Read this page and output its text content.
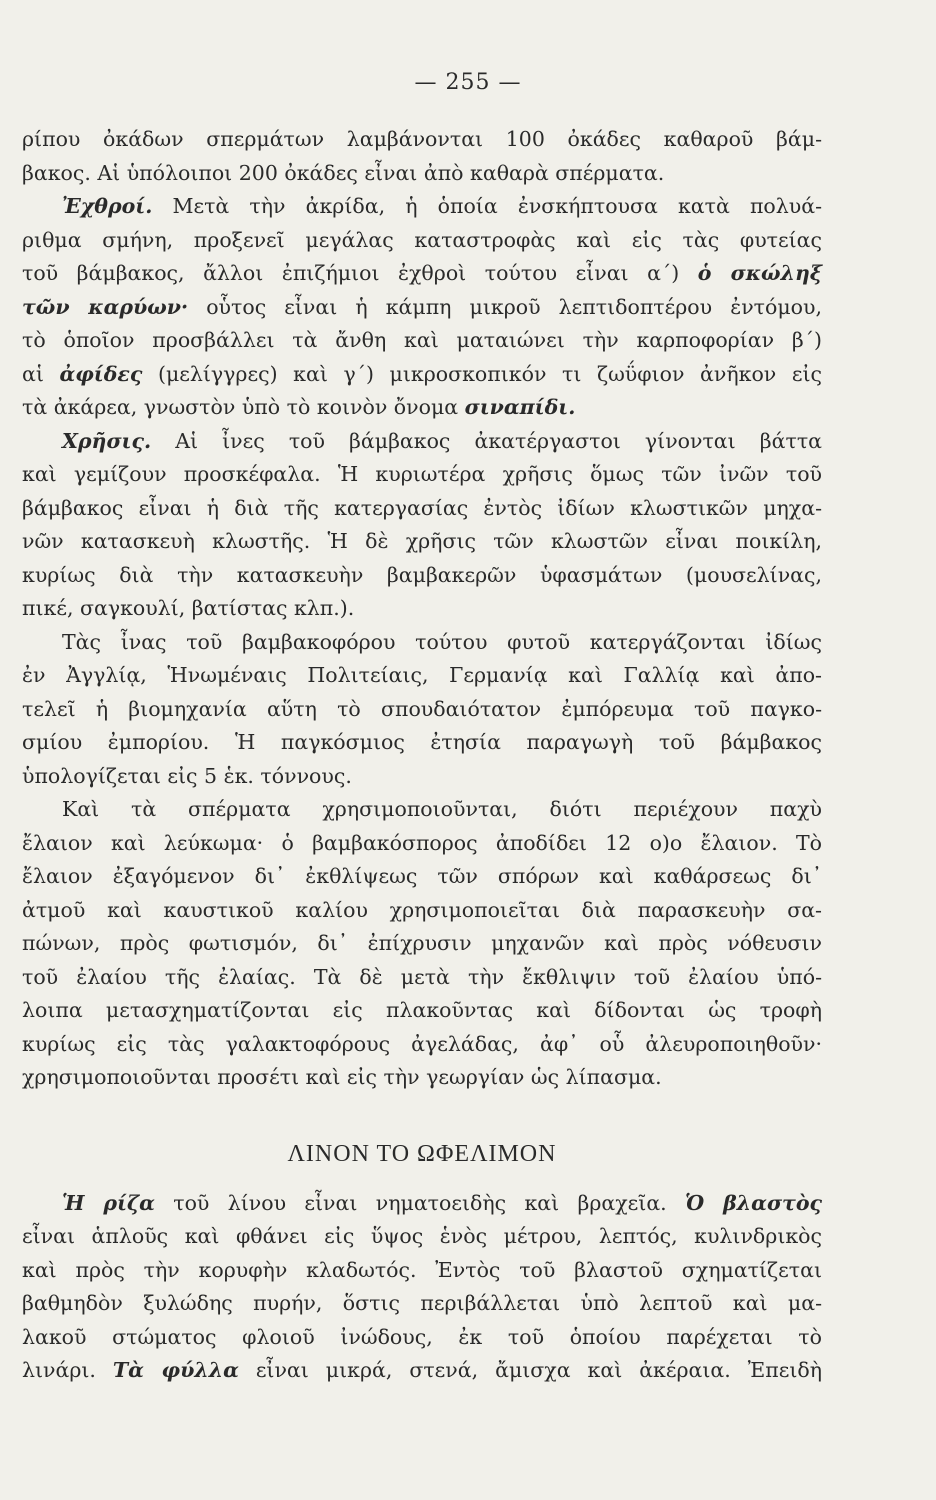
— 255 —
ρίπου ὀκάδων σπερμάτων λαμβάνονται 100 ὀκάδες καθαροῦ βάμ-
βακος. Αἱ ὑπόλοιποι 200 ὀκάδες εἶναι ἀπὸ καθαρὰ σπέρματα.
Ἐχθροί. Μετὰ τὴν ἀκρίδα, ἡ ὁποία ἐνσκήπτουσα κατὰ πολυά-
ριθμα σμήνη, προξενεῖ μεγάλας καταστροφὰς καὶ εἰς τὰς φυτείας
τοῦ βάμβακος, ἄλλοι ἐπιζήμιοι ἐχθροὶ τούτου εἶναι α΄) ὁ σκώληξ
τῶν καρύων· οὗτος εἶναι ἡ κάμπη μικροῦ λεπτιδοπτέρου ἐντόμου,
τὸ ὁποῖον προσβάλλει τὰ ἄνθη καὶ ματαιώνει τὴν καρποφορίαν β΄)
αἱ ἀφίδες (μελίγγρες) καὶ γ΄) μικροσκοπικόν τι ζωΰφιον ἀνῆκον εἰς
τὰ ἀκάρεα, γνωστὸν ὑπὸ τὸ κοινὸν ὄνομα σιναπίδι.
Χρῆσις. Αἱ ἶνες τοῦ βάμβακος ἀκατέργαστοι γίνονται βάττα
καὶ γεμίζουν προσκέφαλα. Ἡ κυριωτέρα χρῆσις ὅμως τῶν ἰνῶν τοῦ
βάμβακος εἶναι ἡ διὰ τῆς κατεργασίας ἐντὸς ἰδίων κλωστικῶν μηχα-
νῶν κατασκευὴ κλωστῆς. Ἡ δὲ χρῆσις τῶν κλωστῶν εἶναι ποικίλη,
κυρίως διὰ τὴν κατασκευὴν βαμβακερῶν ὑφασμάτων (μουσελίνας,
πικέ, σαγκουλί, βατίστας κλπ.).
Τὰς ἶνας τοῦ βαμβακοφόρου τούτου φυτοῦ κατεργάζονται ἰδίως
ἐν Ἀγγλίᾳ, Ἡνωμέναις Πολιτείαις, Γερμανίᾳ καὶ Γαλλίᾳ καὶ ἀπο-
τελεῖ ἡ βιομηχανία αὕτη τὸ σπουδαιότατον ἐμπόρευμα τοῦ παγκο-
σμίου ἐμπορίου. Ἡ παγκόσμιος ἐτησία παραγωγὴ τοῦ βάμβακος
ὑπολογίζεται εἰς 5 ἑκ. τόννους.
Καὶ τὰ σπέρματα χρησιμοποιοῦνται, διότι περιέχουν παχὺ
ἔλαιον καὶ λεύκωμα· ὁ βαμβακόσπορος ἀποδίδει 12 ο)ο ἔλαιον. Τὸ
ἔλαιον ἐξαγόμενον δι᾿ ἐκθλίψεως τῶν σπόρων καὶ καθάρσεως δι᾿
ἀτμοῦ καὶ καυστικοῦ καλίου χρησιμοποιεῖται διὰ παρασκευὴν σα-
πώνων, πρὸς φωτισμόν, δι᾿ ἐπίχρυσιν μηχανῶν καὶ πρὸς νόθευσιν
τοῦ ἐλαίου τῆς ἐλαίας. Τὰ δὲ μετὰ τὴν ἔκθλιψιν τοῦ ἐλαίου ὑπό-
λοιπα μετασχηματίζονται εἰς πλακοῦντας καὶ δίδονται ὡς τροφὴ
κυρίως εἰς τὰς γαλακτοφόρους ἀγελάδας, ἀφ᾿ οὗ ἀλευροποιηθοῦν·
χρησιμοποιοῦνται προσέτι καὶ εἰς τὴν γεωργίαν ὡς λίπασμα.
ΛΙΝΟΝ ΤΟ ΩΦΕΛΙΜΟΝ
Ἡ ρίζα τοῦ λίνου εἶναι νηματοειδὴς καὶ βραχεῖα. Ὁ βλαστὸς
εἶναι ἁπλοῦς καὶ φθάνει εἰς ὕψος ἑνὸς μέτρου, λεπτός, κυλινδρικὸς
καὶ πρὸς τὴν κορυφὴν κλαδωτός. Ἐντὸς τοῦ βλαστοῦ σχηματίζεται
βαθμηδὸν ξυλώδης πυρήν, ὅστις περιβάλλεται ὑπὸ λεπτοῦ καὶ μα-
λακοῦ στώματος φλοιοῦ ἰνώδους, ἐκ τοῦ ὁποίου παρέχεται τὸ
λινάρι. Τὰ φύλλα εἶναι μικρά, στενά, ἄμισχα καὶ ἀκέραια. Ἐπειδὴ
